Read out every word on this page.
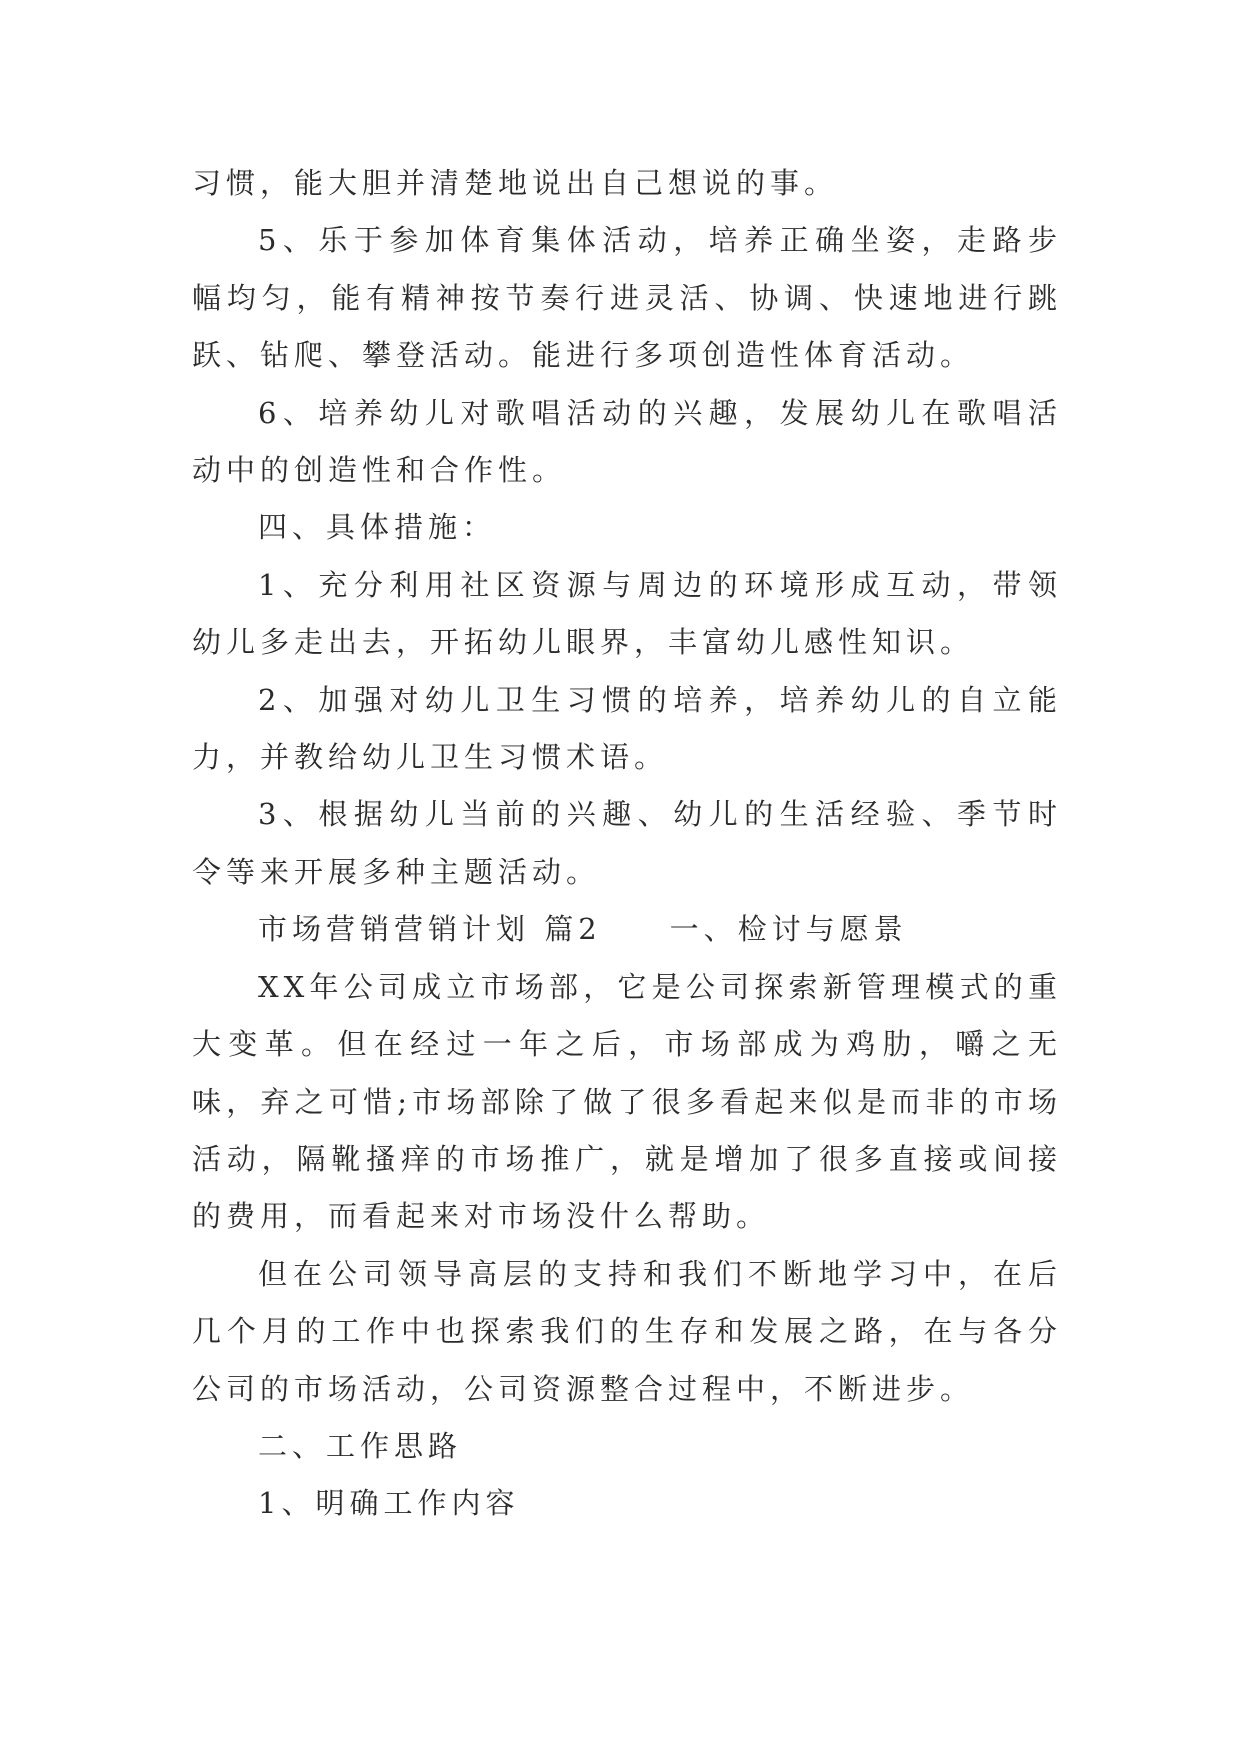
习惯，能大胆并清楚地说出自己想说的事。

5、乐于参加体育集体活动，培养正确坐姿，走路步幅均匀，能有精神按节奏行进灵活、协调、快速地进行跳跃、钻爬、攀登活动。能进行多项创造性体育活动。

6、培养幼儿对歌唱活动的兴趣，发展幼儿在歌唱活动中的创造性和合作性。

四、具体措施：

1、充分利用社区资源与周边的环境形成互动，带领幼儿多走出去，开拓幼儿眼界，丰富幼儿感性知识。

2、加强对幼儿卫生习惯的培养，培养幼儿的自立能力，并教给幼儿卫生习惯术语。

3、根据幼儿当前的兴趣、幼儿的生活经验、季节时令等来开展多种主题活动。

市场营销营销计划 篇2　　一、检讨与愿景

XX年公司成立市场部，它是公司探索新管理模式的重大变革。但在经过一年之后，市场部成为鸡肋，嚼之无味，弃之可惜;市场部除了做了很多看起来似是而非的市场活动，隔靴搔痒的市场推广，就是增加了很多直接或间接的费用，而看起来对市场没什么帮助。

但在公司领导高层的支持和我们不断地学习中，在后几个月的工作中也探索我们的生存和发展之路，在与各分公司的市场活动，公司资源整合过程中，不断进步。

二、工作思路

1、明确工作内容
